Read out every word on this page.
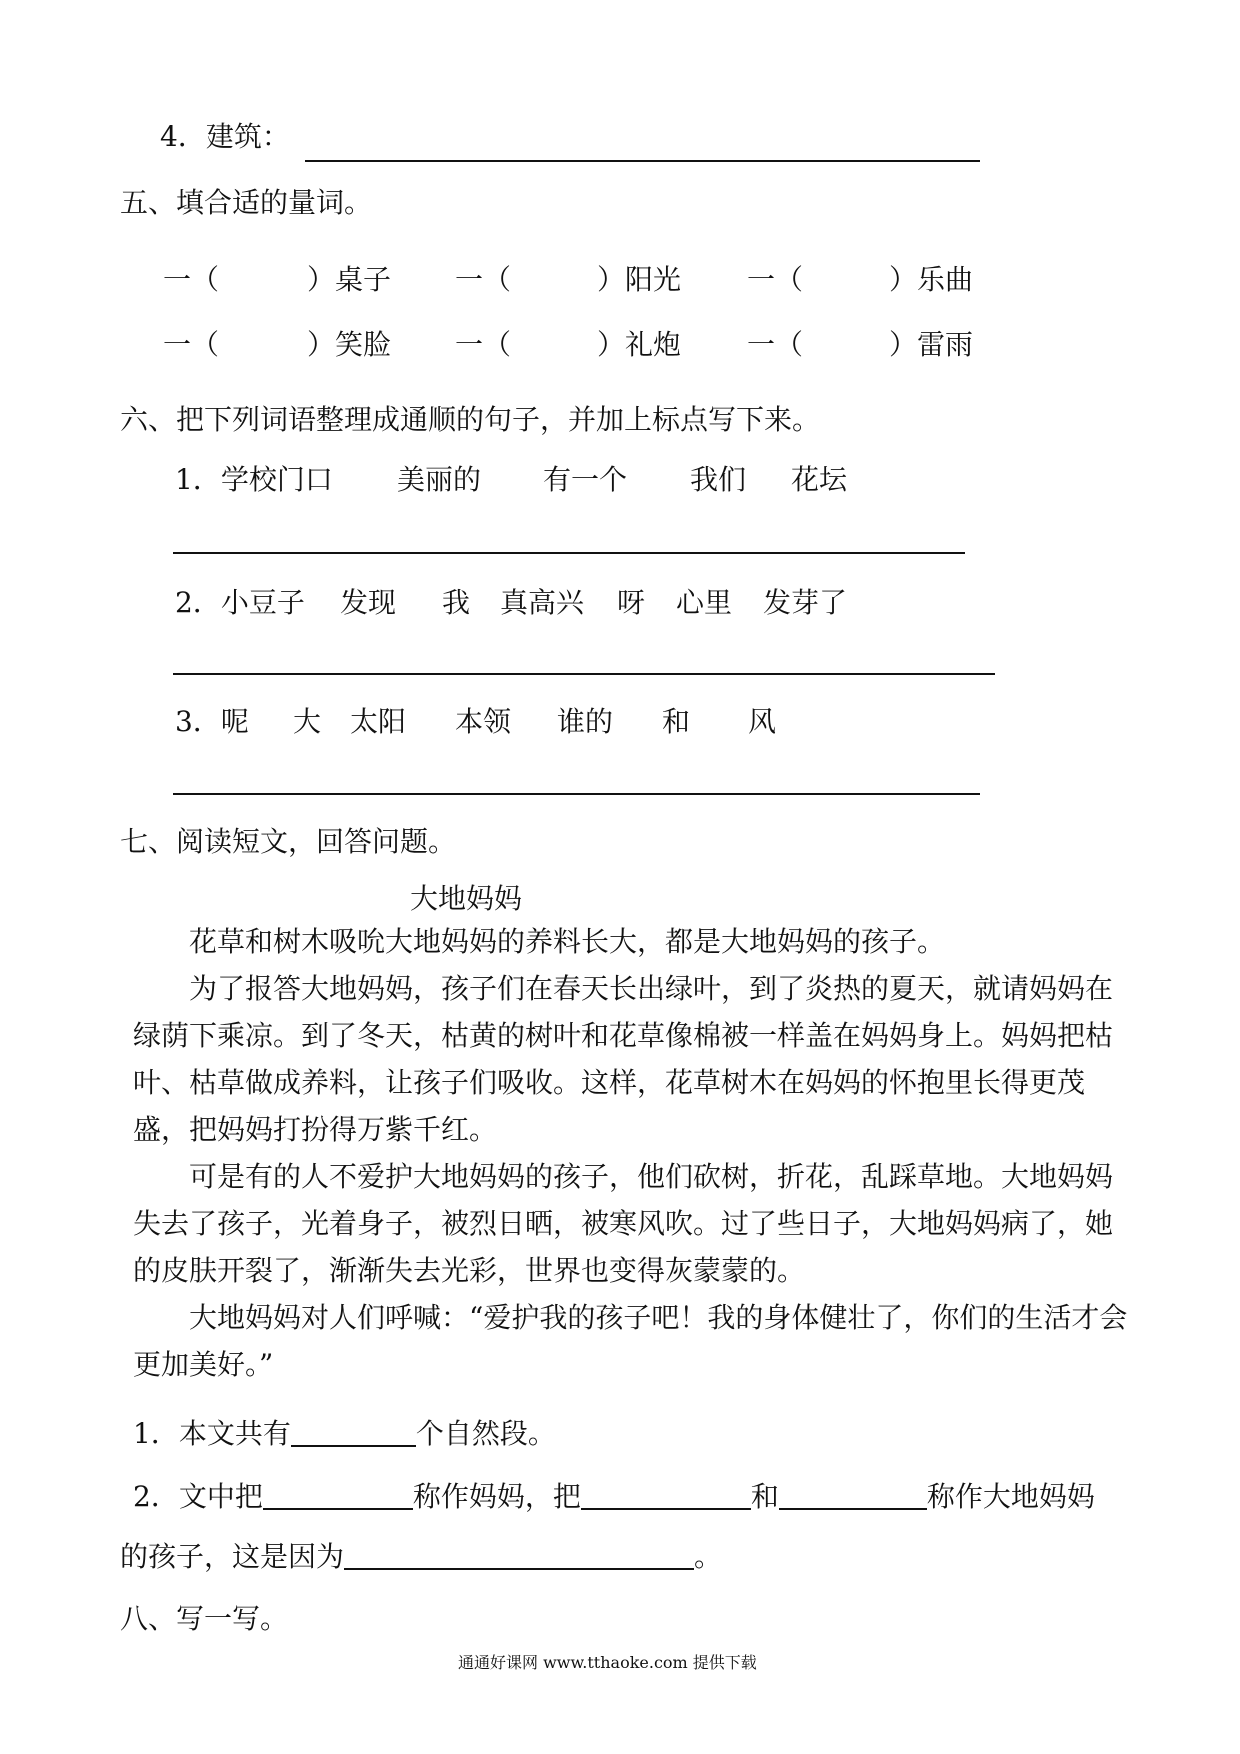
4．建筑：
五、填合适的量词。
一（	）桌子 一（	）阳光 一（	）乐曲
一（	）笑脸 一（	）礼炮 一（	）雷雨
六、把下列词语整理成通顺的句子，并加上标点写下来。
1．学校门口 美丽的 有一个 我们 花坛
2．小豆子 发现 我 真高兴 呀 心里 发芽了
3．呢 大 太阳 本领 谁的 和 风
七、阅读短文，回答问题。
大地妈妈
花草和树木吸吮大地妈妈的养料长大，都是大地妈妈的孩子。
为了报答大地妈妈，孩子们在春天长出绿叶，到了炎热的夏天，就请妈妈在绿荫下乘凉。到了冬天，枯黄的树叶和花草像棉被一样盖在妈妈身上。妈妈把枯叶、枯草做成养料，让孩子们吸收。这样，花草树木在妈妈的怀抱里长得更茂盛，把妈妈打扮得万紫千红。
可是有的人不爱护大地妈妈的孩子，他们砍树，折花，乱踩草地。大地妈妈失去了孩子，光着身子，被烈日晒，被寒风吹。过了些日子，大地妈妈病了，她的皮肤开裂了，渐渐失去光彩，世界也变得灰蒙蒙的。
大地妈妈对人们呼喊：“爱护我的孩子吧！我的身体健壮了，你们的生活才会更加美好。”
1．本文共有	个自然段。
2．文中把	称作妈妈，把	和	称作大地妈妈
的孩子，这是因为	。
八、写一写。
通通好课网 www.tthaoke.com 提供下载
